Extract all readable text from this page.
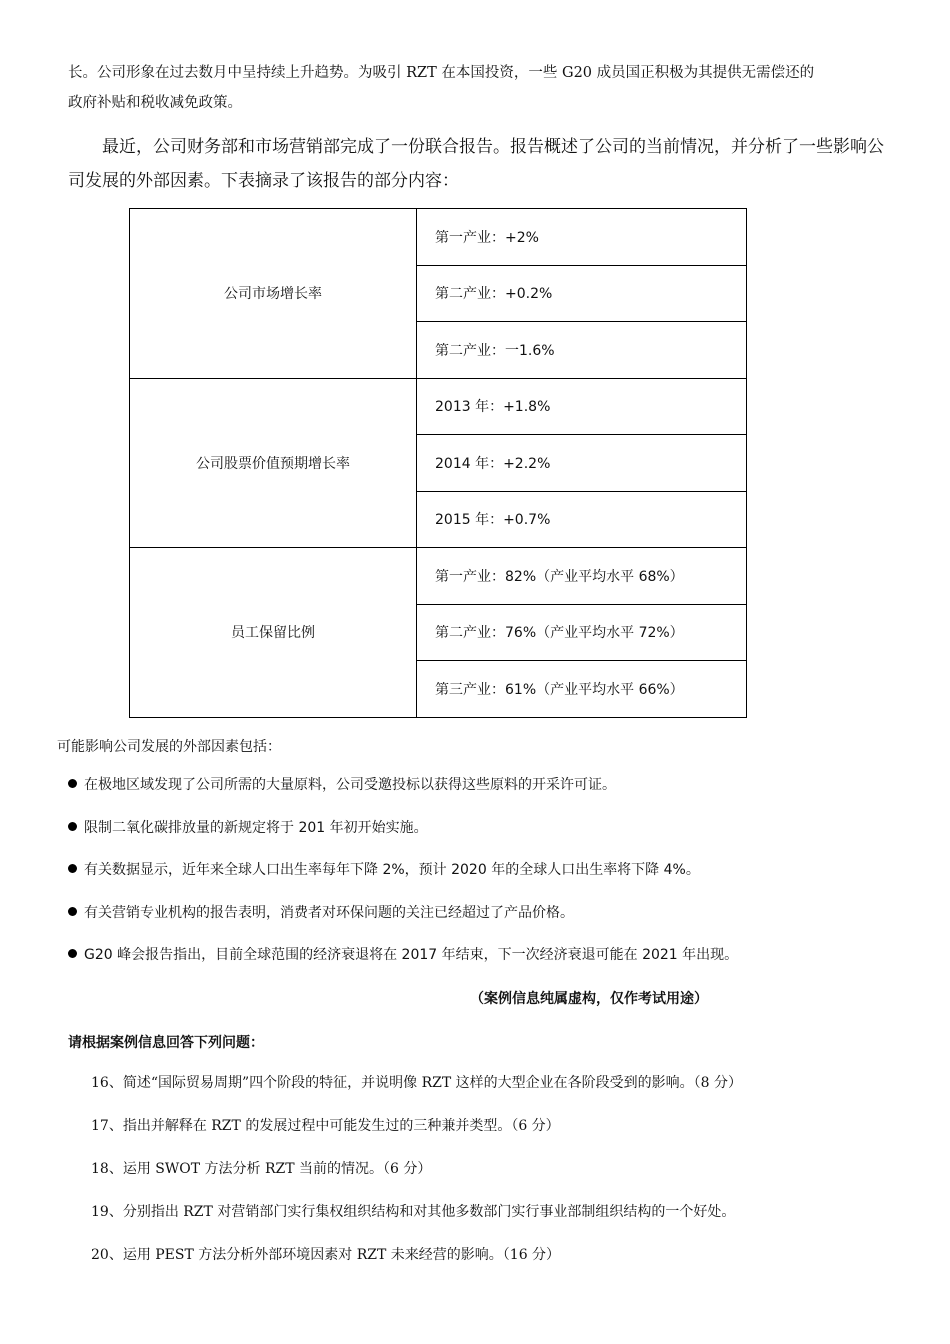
长。公司形象在过去数月中呈持续上升趋势。为吸引 RZT 在本国投资，一些 G20 成员国正积极为其提供无需偿还的
政府补贴和税收减免政策。
最近，公司财务部和市场营销部完成了一份联合报告。报告概述了公司的当前情况，并分析了一些影响公司发展的外部因素。下表摘录了该报告的部分内容：
公司市场增长率	第一产业：+2%
	第二产业：+0.2%
	第二产业：一1.6%
公司股票价值预期增长率	2013 年：+1.8%
	2014 年：+2.2%
	2015 年：+0.7%
员工保留比例	第一产业：82%（产业平均水平 68%）
	第二产业：76%（产业平均水平 72%）
	第三产业：61%（产业平均水平 66%）
可能影响公司发展的外部因素包括：
在极地区域发现了公司所需的大量原料，公司受邀投标以获得这些原料的开采许可证。
限制二氧化碳排放量的新规定将于 201 年初开始实施。
有关数据显示，近年来全球人口出生率每年下降 2%，预计 2020 年的全球人口出生率将下降 4%。
有关营销专业机构的报告表明，消费者对环保问题的关注已经超过了产品价格。
G20 峰会报告指出，目前全球范围的经济衰退将在 2017 年结束，下一次经济衰退可能在 2021 年出现。
（案例信息纯属虚构，仅作考试用途）
请根据案例信息回答下列问题：
16、简述“国际贸易周期”四个阶段的特征，并说明像 RZT 这样的大型企业在各阶段受到的影响。（8 分）
17、指出并解释在 RZT 的发展过程中可能发生过的三种兼并类型。（6 分）
18、运用 SWOT 方法分析 RZT 当前的情况。（6 分）
19、分别指出 RZT 对营销部门实行集权组织结构和对其他多数部门实行事业部制组织结构的一个好处。
20、运用 PEST 方法分析外部环境因素对 RZT 未来经营的影响。（16 分）
